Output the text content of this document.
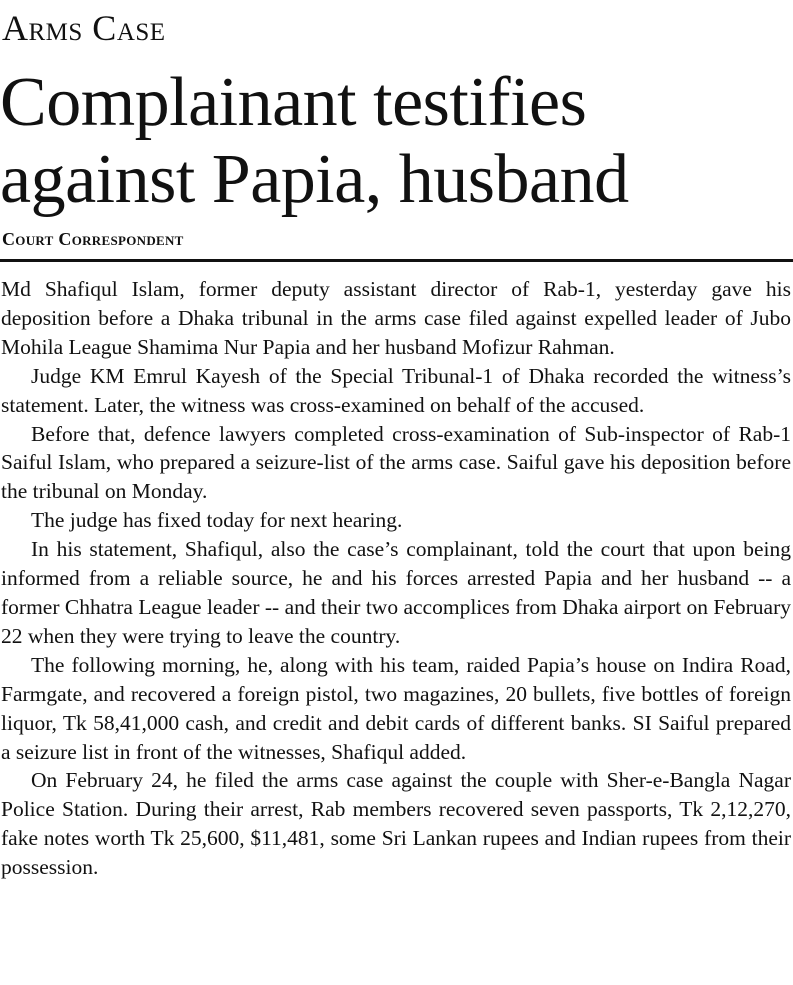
Arms Case
Complainant testifies
against Papia, husband
Court Correspondent

Md Shafiqul Islam, former deputy assistant director of Rab-1, yesterday gave his deposition before a Dhaka tribunal in the arms case filed against expelled leader of Jubo Mohila League Shamima Nur Papia and her husband Mofizur Rahman.

Judge KM Emrul Kayesh of the Special Tribunal-1 of Dhaka recorded the witness’s statement. Later, the witness was cross-examined on behalf of the accused.

Before that, defence lawyers completed cross-examination of Sub-inspector of Rab-1 Saiful Islam, who prepared a seizure-list of the arms case. Saiful gave his deposition before the tribunal on Monday.

The judge has fixed today for next hearing.

In his statement, Shafiqul, also the case’s complainant, told the court that upon being informed from a reliable source, he and his forces arrested Papia and her husband -- a former Chhatra League leader -- and their two accomplices from Dhaka airport on February 22 when they were trying to leave the country.

The following morning, he, along with his team, raided Papia’s house on Indira Road, Farmgate, and recovered a foreign pistol, two magazines, 20 bullets, five bottles of foreign liquor, Tk 58,41,000 cash, and credit and debit cards of different banks. SI Saiful prepared a seizure list in front of the witnesses, Shafiqul added.

On February 24, he filed the arms case against the couple with Sher-e-Bangla Nagar Police Station. During their arrest, Rab members recovered seven passports, Tk 2,12,270, fake notes worth Tk 25,600, $11,481, some Sri Lankan rupees and Indian rupees from their possession.
